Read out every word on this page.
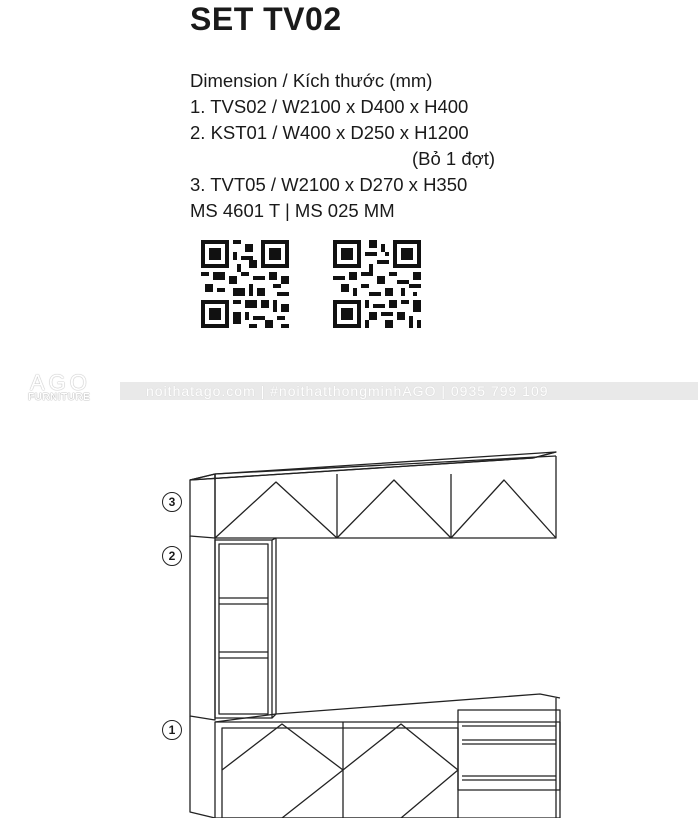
SET TV02
Dimension / Kích thước (mm)
1. TVS02 / W2100 x D400 x H400
2. KST01 / W400 x D250 x H1200
(Bỏ 1 đợt)
3. TVT05 / W2100 x D270 x H350
MS 4601 T | MS 025 MM
AGO
FURNITURE	noithatago.com | #noithatthongminhAGO | 0935 799 109
3
2
1
